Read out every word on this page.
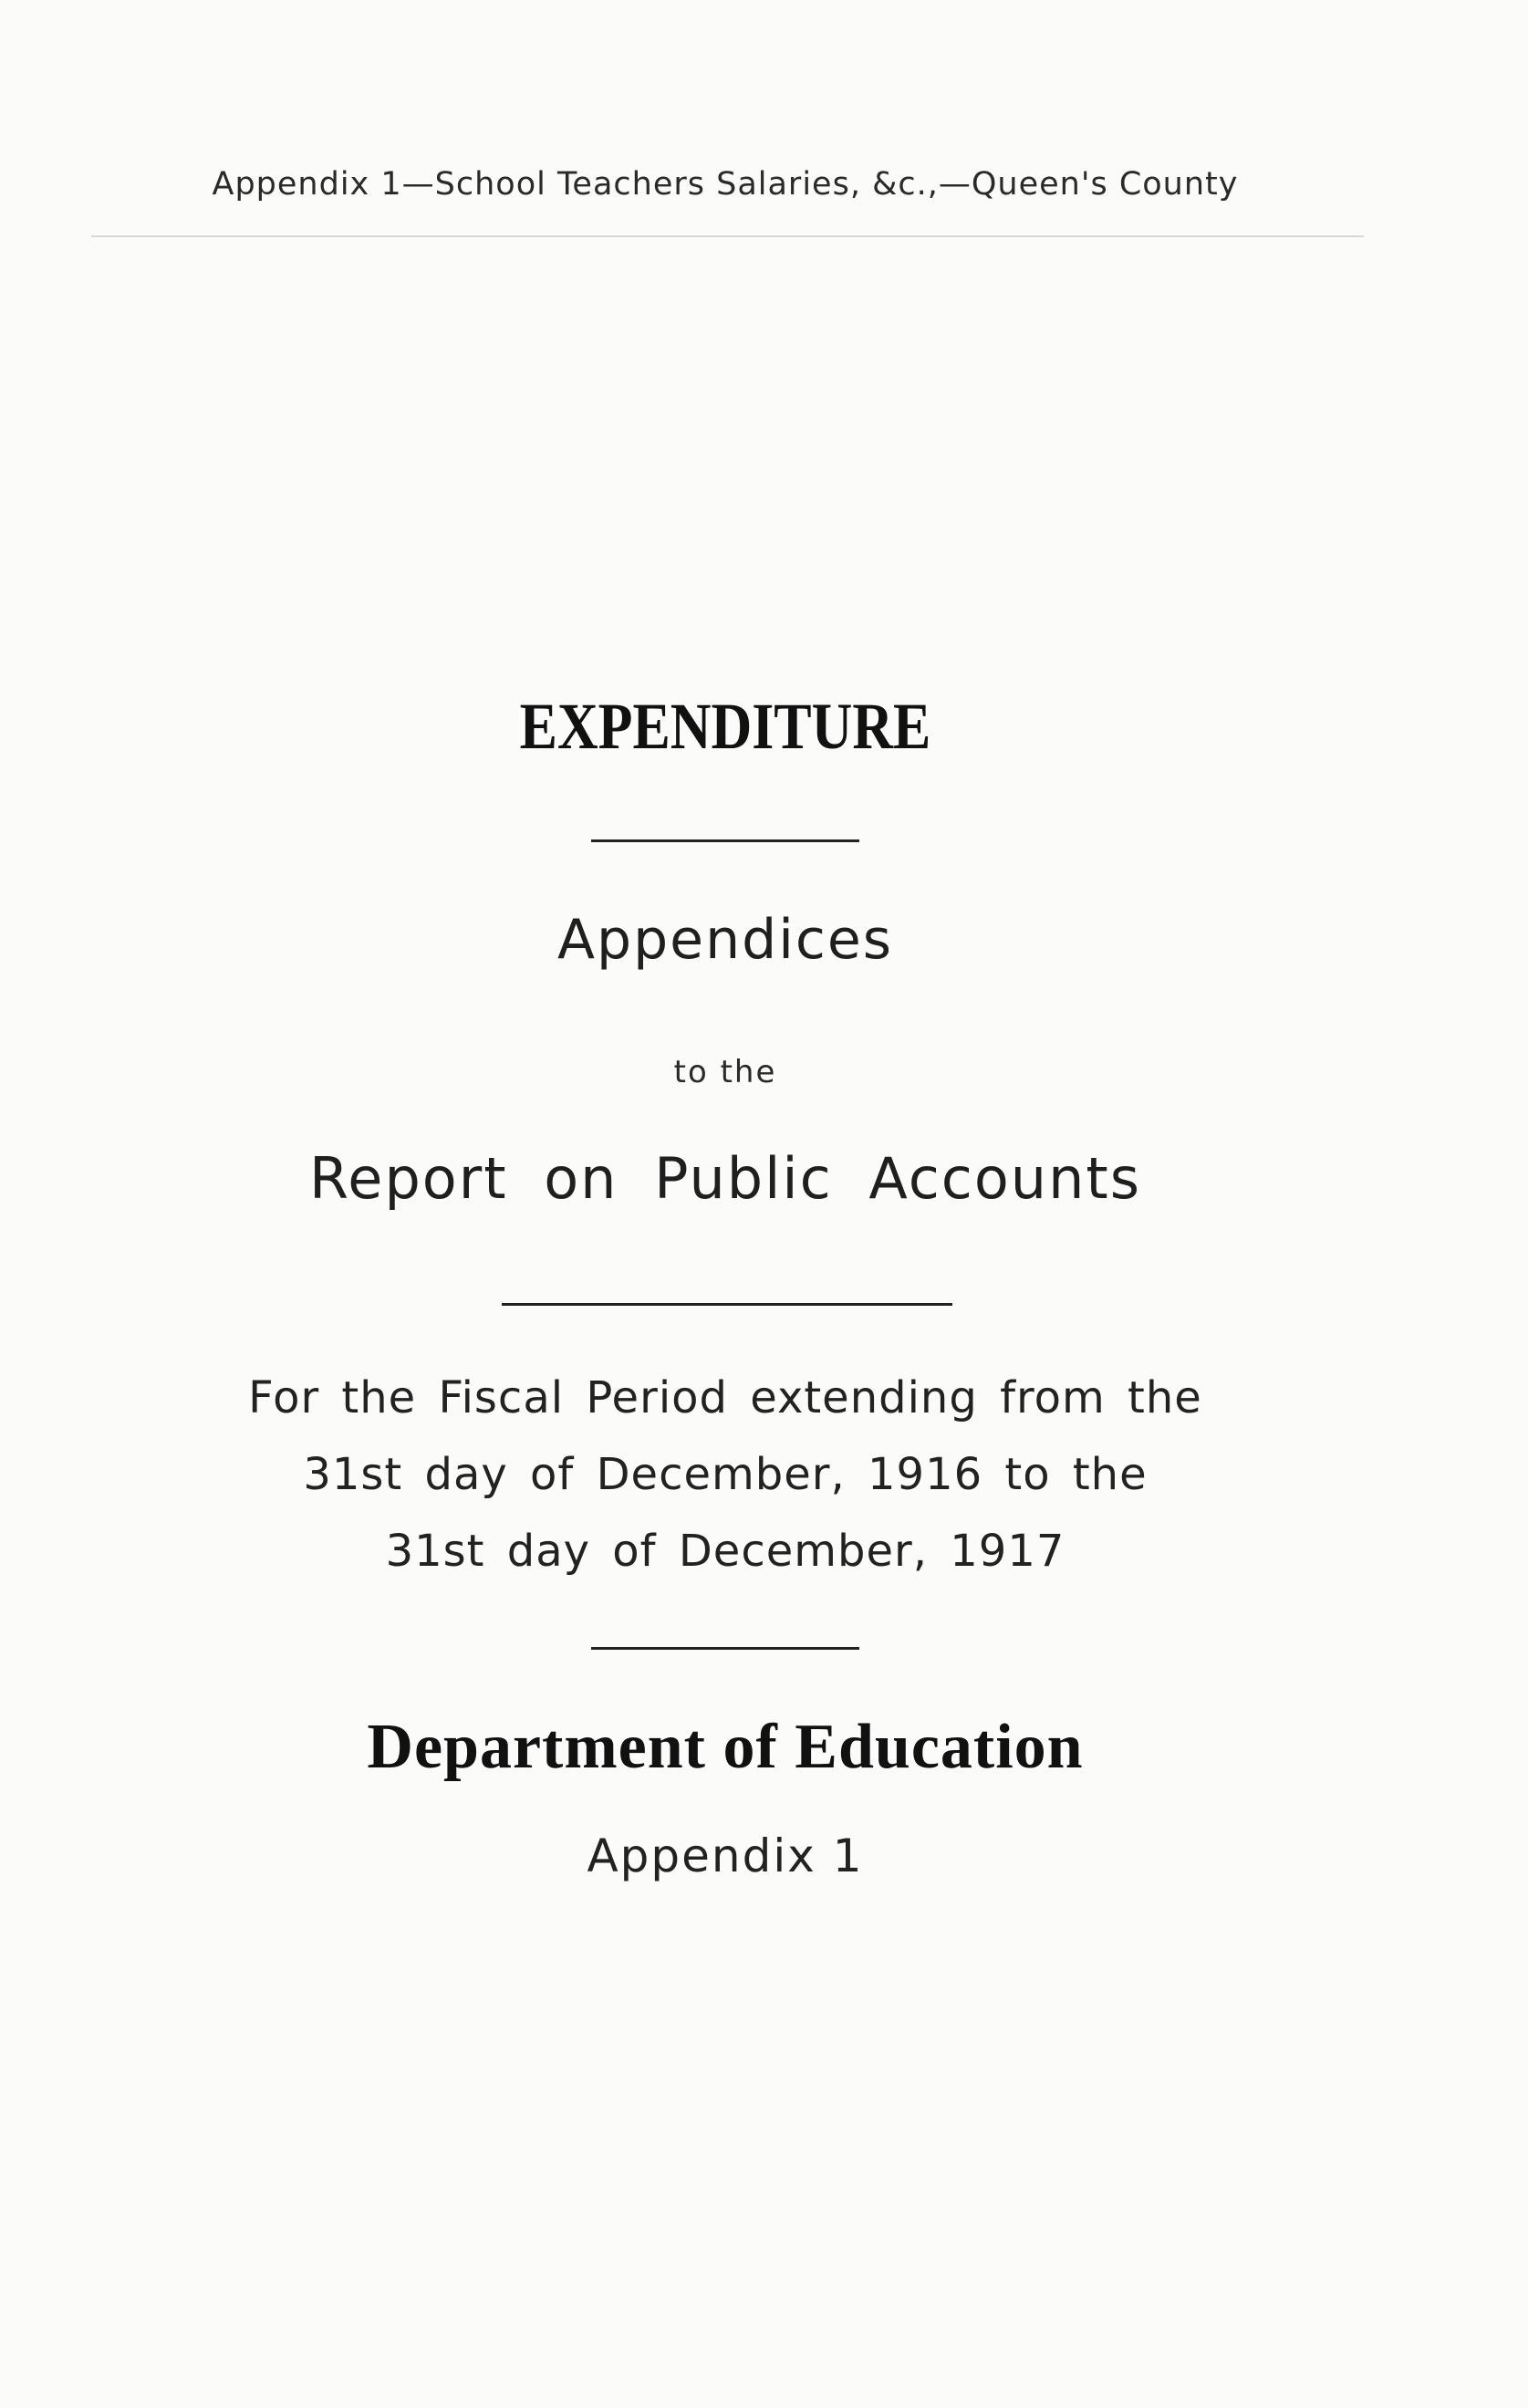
Appendix 1—School Teachers Salaries, &c.,—Queen's County
EXPENDITURE
Appendices
to the
Report on Public Accounts
For the Fiscal Period extending from the
31st day of December, 1916 to the
31st day of December, 1917
Department of Education
Appendix 1
